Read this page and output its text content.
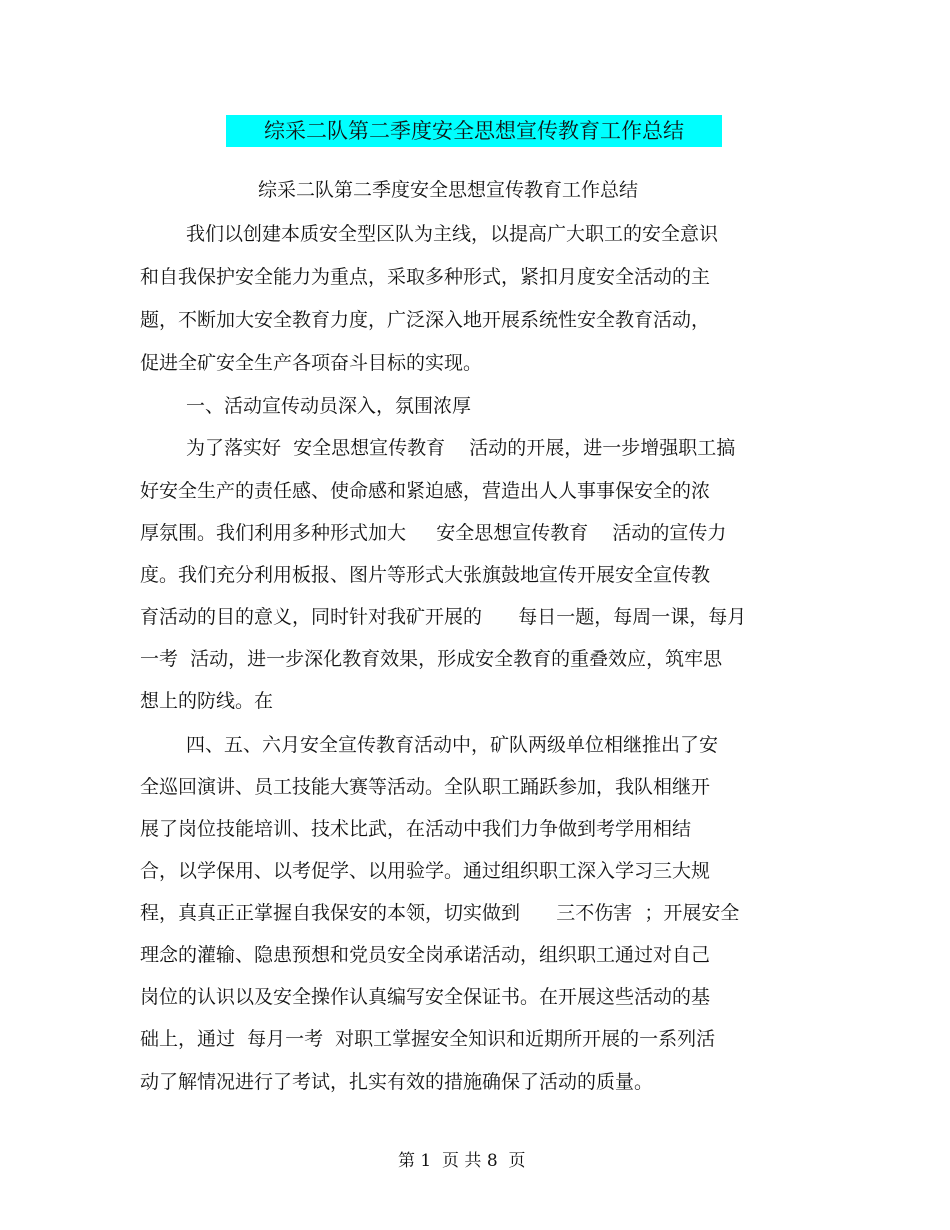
综采二队第二季度安全思想宣传教育工作总结
综采二队第二季度安全思想宣传教育工作总结
我们以创建本质安全型区队为主线，以提高广大职工的安全意识
和自我保护安全能力为重点，采取多种形式，紧扣月度安全活动的主
题，不断加大安全教育力度，广泛深入地开展系统性安全教育活动，
促进全矿安全生产各项奋斗目标的实现。
一、活动宣传动员深入，氛围浓厚
为了落实好  安全思想宣传教育    活动的开展，进一步增强职工搞
好安全生产的责任感、使命感和紧迫感，营造出人人事事保安全的浓
厚氛围。我们利用多种形式加大     安全思想宣传教育    活动的宣传力
度。我们充分利用板报、图片等形式大张旗鼓地宣传开展安全宣传教
育活动的目的意义，同时针对我矿开展的      每日一题，每周一课，每月
一考  活动，进一步深化教育效果，形成安全教育的重叠效应，筑牢思
想上的防线。在
四、五、六月安全宣传教育活动中，矿队两级单位相继推出了安
全巡回演讲、员工技能大赛等活动。全队职工踊跃参加，我队相继开
展了岗位技能培训、技术比武，在活动中我们力争做到考学用相结
合，以学保用、以考促学、以用验学。通过组织职工深入学习三大规
程，真真正正掌握自我保安的本领，切实做到      三不伤害  ；开展安全
理念的灌输、隐患预想和党员安全岗承诺活动，组织职工通过对自己
岗位的认识以及安全操作认真编写安全保证书。在开展这些活动的基
础上，通过  每月一考  对职工掌握安全知识和近期所开展的一系列活
动了解情况进行了考试，扎实有效的措施确保了活动的质量。
第 1  页 共 8  页
